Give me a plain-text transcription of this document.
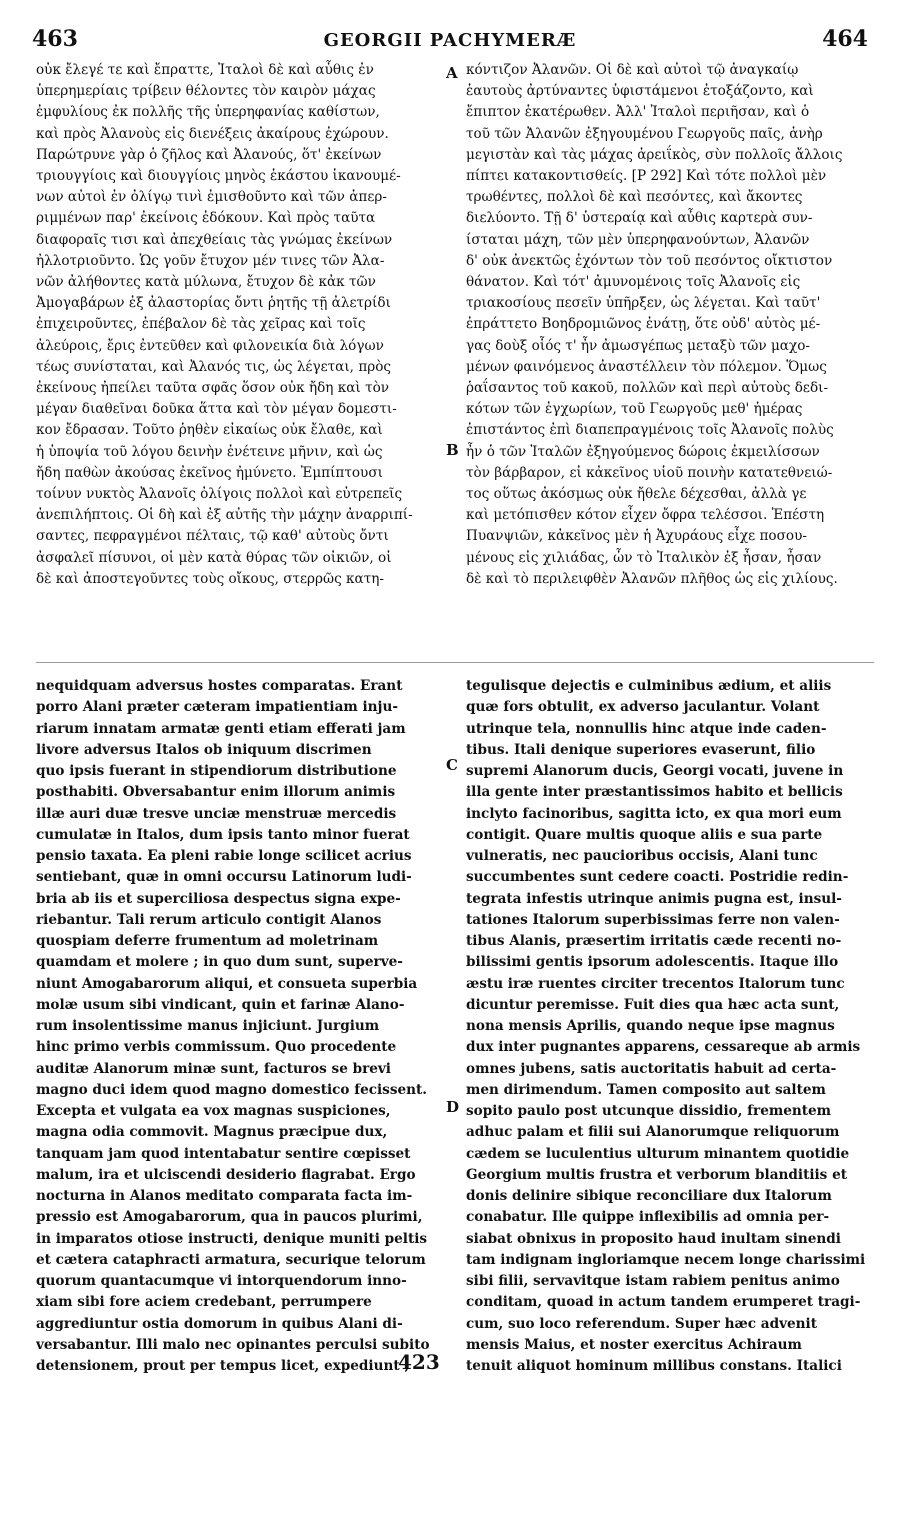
463	GEORGII PACHYMERÆ	464
οὐκ ἔλεγέ τε καὶ ἔπραττε, Ἰταλοὶ δὲ καὶ αὖθις ἐν
ὑπερημερίαις τρίβειν θέλοντες τὸν καιρὸν μάχας
ἐμφυλίους ἐκ πολλῆς τῆς ὑπερηφανίας καθίστων,
καὶ πρὸς Ἀλανοὺς εἰς διενέξεις ἀκαίρους ἐχώρουν.
Παρώτρυνε γὰρ ὁ ζῆλος καὶ Ἀλανούς, ὅτ' ἐκείνων
τριουγγίοις καὶ διουγγίοις μηνὸς ἑκάστου ἱκανουμέ-
νων αὐτοὶ ἐν ὀλίγῳ τινὶ ἐμισθοῦντο καὶ τῶν ἀπερ-
ριμμένων παρ' ἐκείνοις ἐδόκουν. Καὶ πρὸς ταῦτα
διαφοραῖς τισι καὶ ἀπεχθείαις τὰς γνώμας ἐκείνων
ἠλλοτριοῦντο. Ὡς γοῦν ἔτυχον μέν τινες τῶν Ἀλα-
νῶν ἀλήθοντες κατὰ μύλωνα, ἔτυχον δὲ κἀκ τῶν
Ἀμογαβάρων ἐξ ἀλαστορίας ὄντι ῥητῆς τῇ ἀλετρίδι
ἐπιχειροῦντες, ἐπέβαλον δὲ τὰς χεῖρας καὶ τοῖς
ἀλεύροις, ἔρις ἐντεῦθεν καὶ φιλονεικία διὰ λόγων
τέως συνίσταται, καὶ Ἀλανός τις, ὡς λέγεται, πρὸς
ἐκείνους ἠπείλει ταῦτα σφᾶς ὅσον οὐκ ἤδη καὶ τὸν
μέγαν διαθεῖναι δοῦκα ἅττα καὶ τὸν μέγαν δομεστι-
κον ἔδρασαν. Τοῦτο ῥηθὲν εἰκαίως οὐκ ἔλαθε, καὶ
ἡ ὑποψία τοῦ λόγου δεινὴν ἐνέτεινε μῆνιν, καὶ ὡς
ἤδη παθὼν ἀκούσας ἐκεῖνος ἠμύνετο. Ἐμπίπτουσι
τοίνυν νυκτὸς Ἀλανοῖς ὀλίγοις πολλοὶ καὶ εὐτρεπεῖς
ἀνεπιλήπτοις. Οἱ δὴ καὶ ἐξ αὐτῆς τὴν μάχην ἀναρριπί-
σαντες, πεφραγμένοι πέλταις, τῷ καθ' αὐτοὺς ὄντι
ἀσφαλεῖ πίσυνοι, οἱ μὲν κατὰ θύρας τῶν οἰκιῶν, οἱ
δὲ καὶ ἀποστεγοῦντες τοὺς οἴκους, στερρῶς κατη-
κόντιζον Ἀλανῶν. Οἱ δὲ καὶ αὐτοὶ τῷ ἀναγκαίῳ
ἑαυτοὺς ἀρτύναντες ὑφιστάμενοι ἐτοξάζοντο, καὶ
ἔπιπτον ἑκατέρωθεν. Ἀλλ' Ἰταλοὶ περιῆσαν, καὶ ὁ
τοῦ τῶν Ἀλανῶν ἐξηγουμένου Γεωργοῦς παῖς, ἀνὴρ
μεγιστὰν καὶ τὰς μάχας ἀρειΐκὸς, σὺν πολλοῖς ἄλλοις
πίπτει κατακοντισθείς. [P 292] Καὶ τότε πολλοὶ μὲν
τρωθέντες, πολλοὶ δὲ καὶ πεσόντες, καὶ ἄκοντες
διελύοντο. Τῇ δ' ὑστεραίᾳ καὶ αὖθις καρτερὰ συν-
ίσταται μάχη, τῶν μὲν ὑπερηφανούντων, Ἀλανῶν
δ' οὐκ ἀνεκτῶς ἐχόντων τὸν τοῦ πεσόντος οἴκτιστον
θάνατον. Καὶ τότ' ἀμυνομένοις τοῖς Ἀλανοῖς εἰς
τριακοσίους πεσεῖν ὑπῆρξεν, ὡς λέγεται. Καὶ ταῦτ'
ἐπράττετο Βοηδρομιῶνος ἐνάτῃ, ὅτε οὐδ' αὐτὸς μέ-
γας δοὺξ οἷός τ' ἦν ἀμωσγέπως μεταξὺ τῶν μαχο-
μένων φαινόμενος ἀναστέλλειν τὸν πόλεμον. Ὅμως
ῥαΐσαντος τοῦ κακοῦ, πολλῶν καὶ περὶ αὐτοὺς δεδι-
κότων τῶν ἐγχωρίων, τοῦ Γεωργοῦς μεθ' ἡμέρας
ἐπιστάντος ἐπὶ διαπεπραγμένοις τοῖς Ἀλανοῖς πολὺς
ἦν ὁ τῶν Ἰταλῶν ἐξηγούμενος δώροις ἐκμειλίσσων
τὸν βάρβαρον, εἰ κἀκεῖνος υἱοῦ ποινὴν κατατεθνειώ-
τος οὕτως ἀκόσμως οὐκ ἤθελε δέχεσθαι, ἀλλὰ γε
καὶ μετόπισθεν κότον εἶχεν ὄφρα τελέσσοι. Ἐπέστη
Πυανψιῶν, κἀκεῖνος μὲν ἡ Ἀχυράους εἶχε ποσου-
μένους εἰς χιλιάδας, ὧν τὸ Ἰταλικὸν ἐξ ἦσαν, ἦσαν
δὲ καὶ τὸ περιλειφθὲν Ἀλανῶν πλῆθος ὡς εἰς χιλίους.
A
B
nequidquam adversus hostes comparatas. Erant
porro Alani præter cæteram impatientiam inju-
riarum innatam armatæ genti etiam efferati jam
livore adversus Italos ob iniquum discrimen
quo ipsis fuerant in stipendiorum distributione
posthabiti. Obversabantur enim illorum animis
illæ auri duæ tresve unciæ menstruæ mercedis
cumulatæ in Italos, dum ipsis tanto minor fuerat
pensio taxata. Ea pleni rabie longe scilicet acrius
sentiebant, quæ in omni occursu Latinorum ludi-
bria ab iis et superciliosa despectus signa expe-
riebantur. Tali rerum articulo contigit Alanos
quospiam deferre frumentum ad moletrinam
quamdam et molere ; in quo dum sunt, superve-
niunt Amogabarorum aliqui, et consueta superbia
molæ usum sibi vindicant, quin et farinæ Alano-
rum insolentissime manus injiciunt. Jurgium
hinc primo verbis commissum. Quo procedente
auditæ Alanorum minæ sunt, facturos se brevi
magno duci idem quod magno domestico fecissent.
Excepta et vulgata ea vox magnas suspiciones,
magna odia commovit. Magnus præcipue dux,
tanquam jam quod intentabatur sentire cœpisset
malum, ira et ulciscendi desiderio flagrabat. Ergo
nocturna in Alanos meditato comparata facta im-
pressio est Amogabarorum, qua in paucos plurimi,
in imparatos otiose instructi, denique muniti peltis
et cætera cataphracti armatura, securique telorum
quorum quantacumque vi intorquendorum inno-
xiam sibi fore aciem credebant, perrumpere
aggrediuntur ostia domorum in quibus Alani di-
versabantur. Illi malo nec opinantes perculsi subito
detensionem, prout per tempus licet, expediunt ;
tegulisque dejectis e culminibus ædium, et aliis
quæ fors obtulit, ex adverso jaculantur. Volant
utrinque tela, nonnullis hinc atque inde caden-
tibus. Itali denique superiores evaserunt, filio
supremi Alanorum ducis, Georgi vocati, juvene in
illa gente inter præstantissimos habito et bellicis
inclyto facinoribus, sagitta icto, ex qua mori eum
contigit. Quare multis quoque aliis e sua parte
vulneratis, nec paucioribus occisis, Alani tunc
succumbentes sunt cedere coacti. Postridie redin-
tegrata infestis utrinque animis pugna est, insul-
tationes Italorum superbissimas ferre non valen-
tibus Alanis, præsertim irritatis cæde recenti no-
bilissimi gentis ipsorum adolescentis. Itaque illo
æstu iræ ruentes circiter trecentos Italorum tunc
dicuntur peremisse. Fuit dies qua hæc acta sunt,
nona mensis Aprilis, quando neque ipse magnus
dux inter pugnantes apparens, cessareque ab armis
omnes jubens, satis auctoritatis habuit ad certa-
men dirimendum. Tamen composito aut saltem
sopito paulo post utcunque dissidio, frementem
adhuc palam et filii sui Alanorumque reliquorum
cædem se luculentius ulturum minantem quotidie
Georgium multis frustra et verborum blanditiis et
donis delinire sibique reconciliare dux Italorum
conabatur. Ille quippe inflexibilis ad omnia per-
siabat obnixus in proposito haud inultam sinendi
tam indignam ingloriamque necem longe charissimi
sibi filii, servavitque istam rabiem penitus animo
conditam, quoad in actum tandem erumperet tragi-
cum, suo loco referendum. Super hæc advenit
mensis Maius, et noster exercitus Achiraum
tenuit aliquot hominum millibus constans. Italici
C
D
423
